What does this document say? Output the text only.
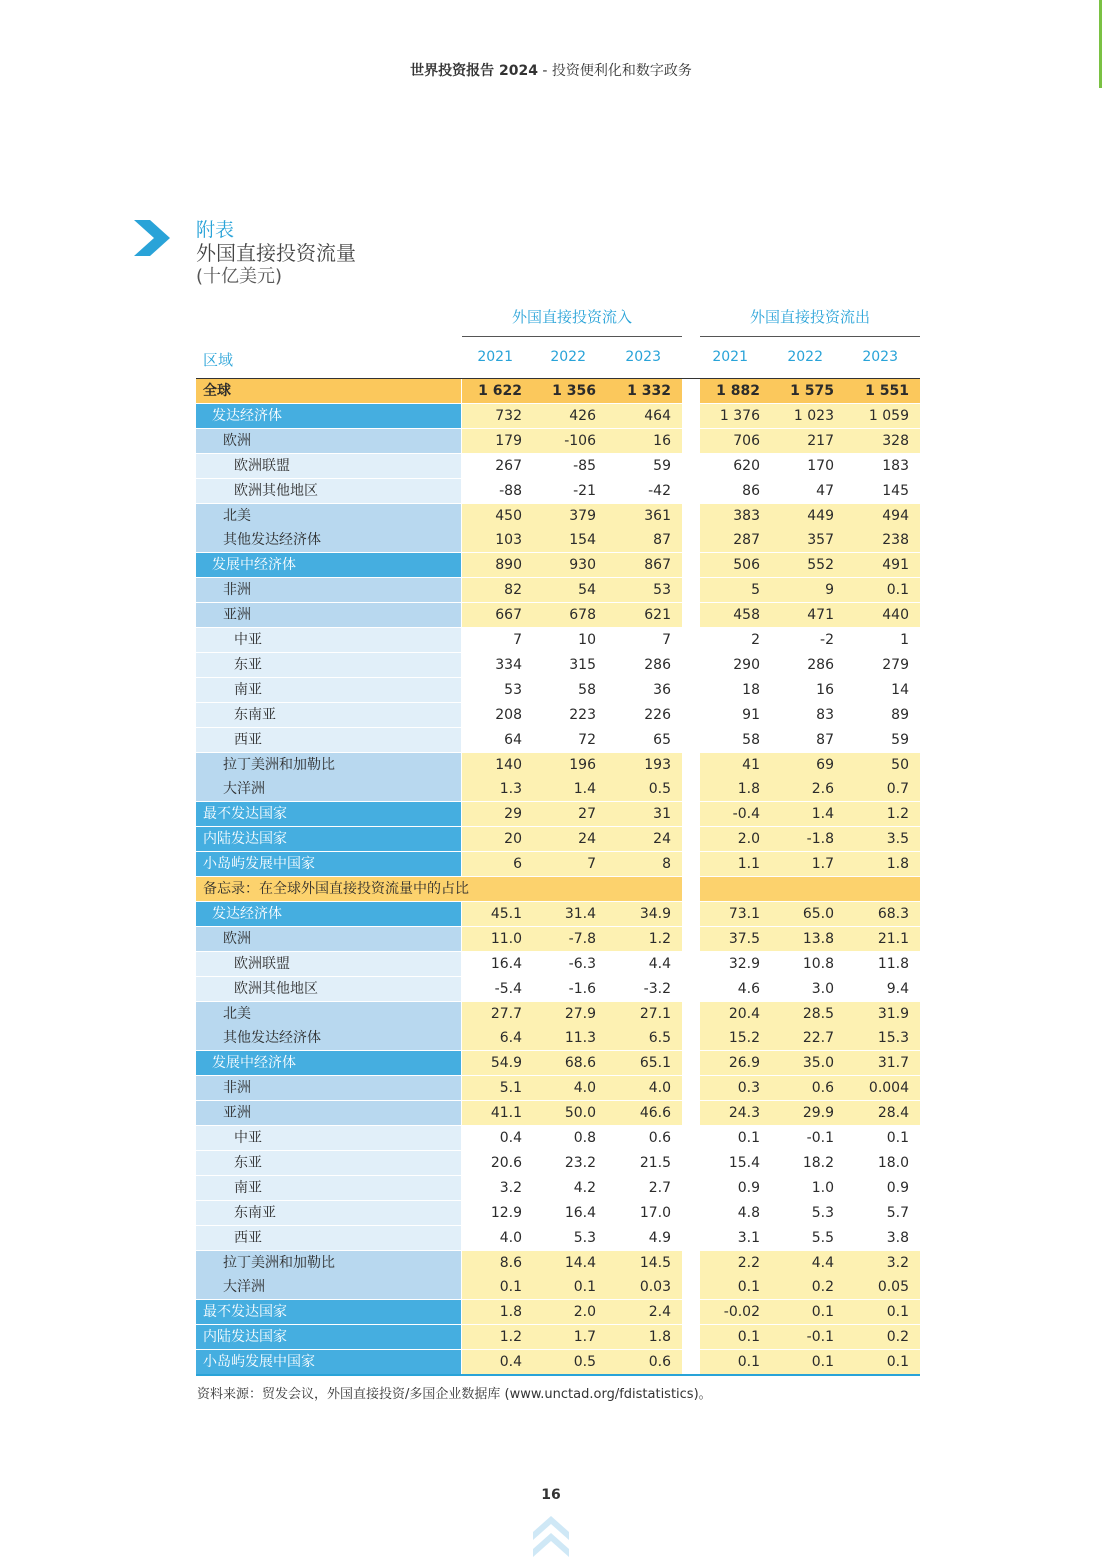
世界投资报告 2024 - 投资便利化和数字政务
附表
外国直接投资流量
(十亿美元)
外国直接投资流入	外国直接投资流出
区域	2021	2022	2023	2021	2022	2023
全球	1 622	1 356	1 332	1 882	1 575	1 551
发达经济体	732	426	464	1 376	1 023	1 059
欧洲	179	-106	16	706	217	328
欧洲联盟	267	-85	59	620	170	183
欧洲其他地区	-88	-21	-42	86	47	145
北美	450	379	361	383	449	494
其他发达经济体	103	154	87	287	357	238
发展中经济体	890	930	867	506	552	491
非洲	82	54	53	5	9	0.1
亚洲	667	678	621	458	471	440
中亚	7	10	7	2	-2	1
东亚	334	315	286	290	286	279
南亚	53	58	36	18	16	14
东南亚	208	223	226	91	83	89
西亚	64	72	65	58	87	59
拉丁美洲和加勒比	140	196	193	41	69	50
大洋洲	1.3	1.4	0.5	1.8	2.6	0.7
最不发达国家	29	27	31	-0.4	1.4	1.2
内陆发达国家	20	24	24	2.0	-1.8	3.5
小岛屿发展中国家	6	7	8	1.1	1.7	1.8
备忘录：在全球外国直接投资流量中的占比
发达经济体	45.1	31.4	34.9	73.1	65.0	68.3
欧洲	11.0	-7.8	1.2	37.5	13.8	21.1
欧洲联盟	16.4	-6.3	4.4	32.9	10.8	11.8
欧洲其他地区	-5.4	-1.6	-3.2	4.6	3.0	9.4
北美	27.7	27.9	27.1	20.4	28.5	31.9
其他发达经济体	6.4	11.3	6.5	15.2	22.7	15.3
发展中经济体	54.9	68.6	65.1	26.9	35.0	31.7
非洲	5.1	4.0	4.0	0.3	0.6	0.004
亚洲	41.1	50.0	46.6	24.3	29.9	28.4
中亚	0.4	0.8	0.6	0.1	-0.1	0.1
东亚	20.6	23.2	21.5	15.4	18.2	18.0
南亚	3.2	4.2	2.7	0.9	1.0	0.9
东南亚	12.9	16.4	17.0	4.8	5.3	5.7
西亚	4.0	5.3	4.9	3.1	5.5	3.8
拉丁美洲和加勒比	8.6	14.4	14.5	2.2	4.4	3.2
大洋洲	0.1	0.1	0.03	0.1	0.2	0.05
最不发达国家	1.8	2.0	2.4	-0.02	0.1	0.1
内陆发达国家	1.2	1.7	1.8	0.1	-0.1	0.2
小岛屿发展中国家	0.4	0.5	0.6	0.1	0.1	0.1
资料来源：贸发会议，外国直接投资/多国企业数据库 (www.unctad.org/fdistatistics)。
16
